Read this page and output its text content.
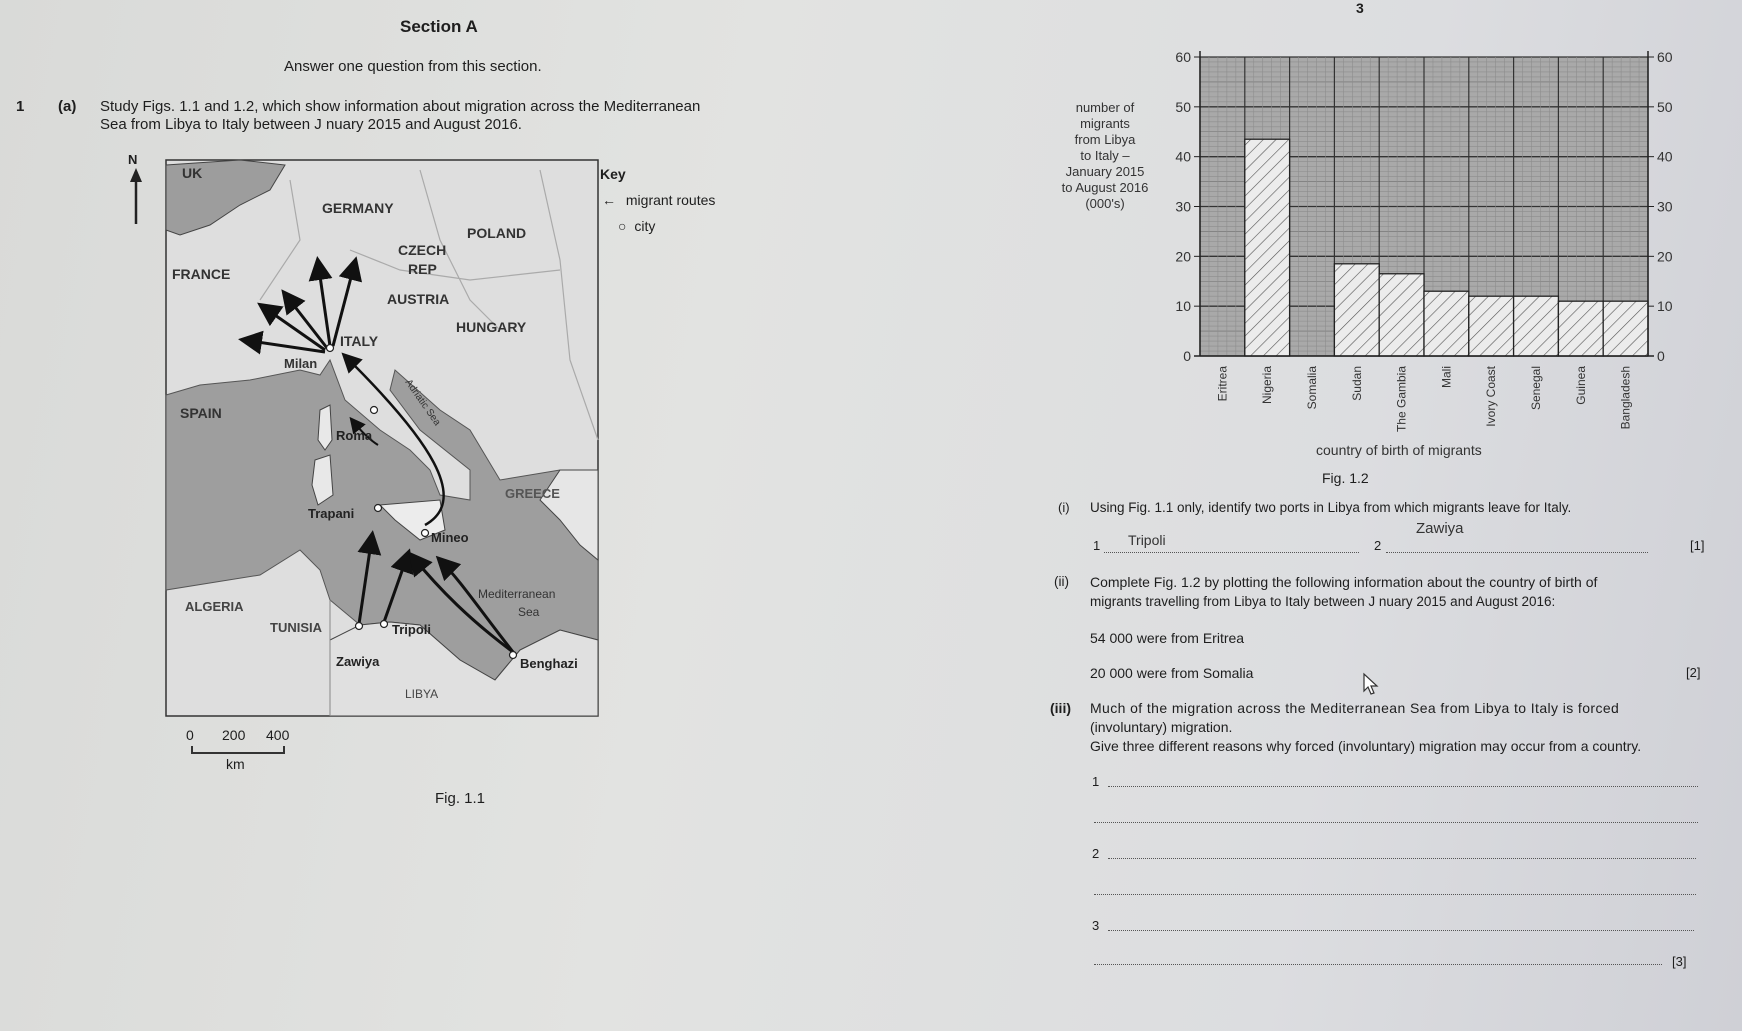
3
Section A
Answer one question from this section.
1 (a) Study Figs. 1.1 and 1.2, which show information about migration across the Mediterranean
Sea from Libya to Italy between J nuary 2015 and August 2016.
N
UK
GERMANY
POLAND
CZECH
REP
FRANCE
AUSTRIA
HUNGARY
ITALY
Milan
SPAIN
Roma
Adriatic Sea
GREECE
Trapani
Mineo
ALGERIA
Mediterranean
Sea
TUNISIA	Tripoli
Zawiya	Benghazi
LIBYA
Key
← migrant routes
○ city
0 200 400
km
Fig. 1.1
number of
migrants
from Libya
to Italy –
January 2015
to August 2016
(000's)
Eritrea	Nigeria	Somalia	Sudan	The Gambia	Mali	Ivory Coast	Senegal	Guinea	Bangladesh
0	0
10	10
20	20
30	30
40	40
50	50
60	60
country of birth of migrants
Fig. 1.2
(i) Using Fig. 1.1 only, identify two ports in Libya from which migrants leave for Italy.
1 Tripoli	2
Zawiya
[1]
(ii) Complete Fig. 1.2 by plotting the following information about the country of birth of
migrants travelling from Libya to Italy between J nuary 2015 and August 2016:
54 000 were from Eritrea
20 000 were from Somalia	[2]
(iii) Much of the migration across the Mediterranean Sea from Libya to Italy is forced
(involuntary) migration.
Give three different reasons why forced (involuntary) migration may occur from a country.
1
2
3
[3]
